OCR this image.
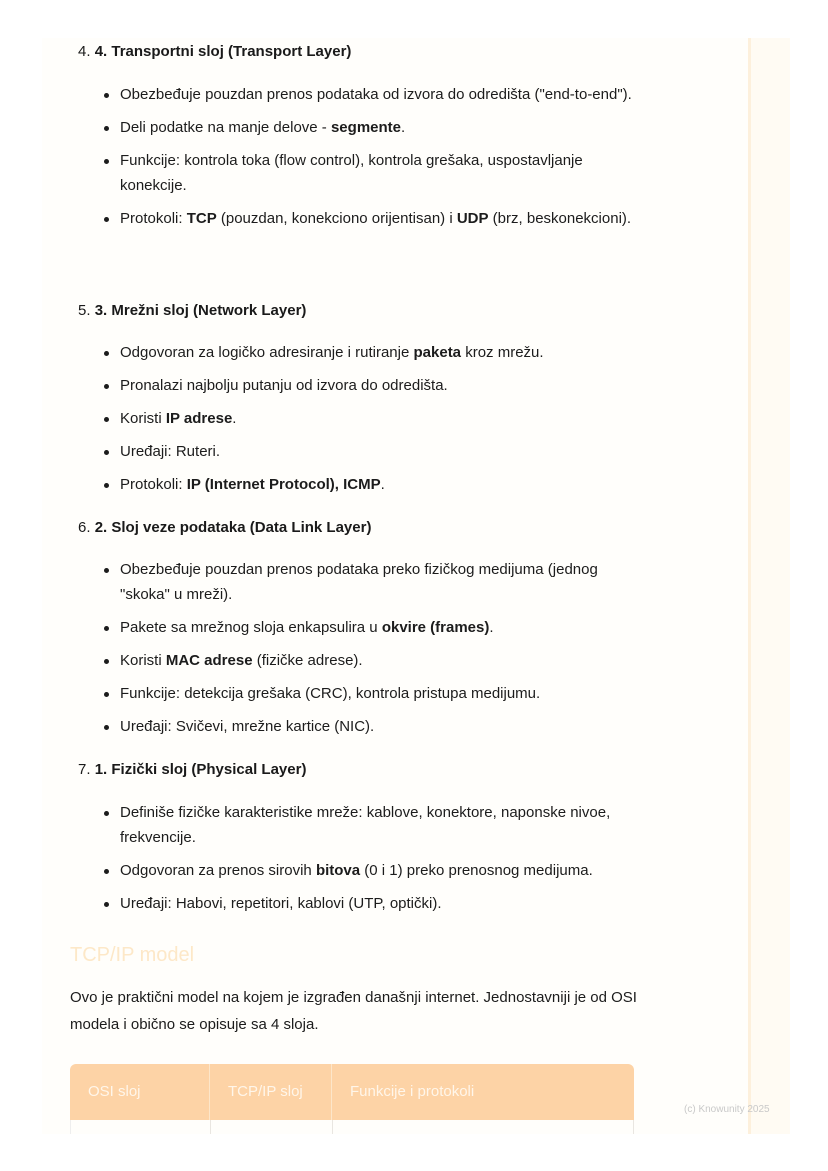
4. 4. Transportni sloj (Transport Layer)
Obezbeđuje pouzdan prenos podataka od izvora do odredišta ("end-to-end").
Deli podatke na manje delove - segmente.
Funkcije: kontrola toka (flow control), kontrola grešaka, uspostavljanje konekcije.
Protokoli: TCP (pouzdan, konekciono orijentisan) i UDP (brz, beskonekcioni).
5. 3. Mrežni sloj (Network Layer)
Odgovoran za logičko adresiranje i rutiranje paketa kroz mrežu.
Pronalazi najbolju putanju od izvora do odredišta.
Koristi IP adrese.
Uređaji: Ruteri.
Protokoli: IP (Internet Protocol), ICMP.
6. 2. Sloj veze podataka (Data Link Layer)
Obezbeđuje pouzdan prenos podataka preko fizičkog medijuma (jednog "skoka" u mreži).
Pakete sa mrežnog sloja enkapsulira u okvire (frames).
Koristi MAC adrese (fizičke adrese).
Funkcije: detekcija grešaka (CRC), kontrola pristupa medijumu.
Uređaji: Svičevi, mrežne kartice (NIC).
7. 1. Fizički sloj (Physical Layer)
Definiše fizičke karakteristike mreže: kablove, konektore, naponske nivoe, frekvencije.
Odgovoran za prenos sirovih bitova (0 i 1) preko prenosnog medijuma.
Uređaji: Habovi, repetitori, kablovi (UTP, optički).
TCP/IP model
Ovo je praktični model na kojem je izgrađen današnji internet. Jednostavniji je od OSI modela i obično se opisuje sa 4 sloja.
OSI sloj	TCP/IP sloj	Funkcije i protokoli
(c) Knowunity 2025
